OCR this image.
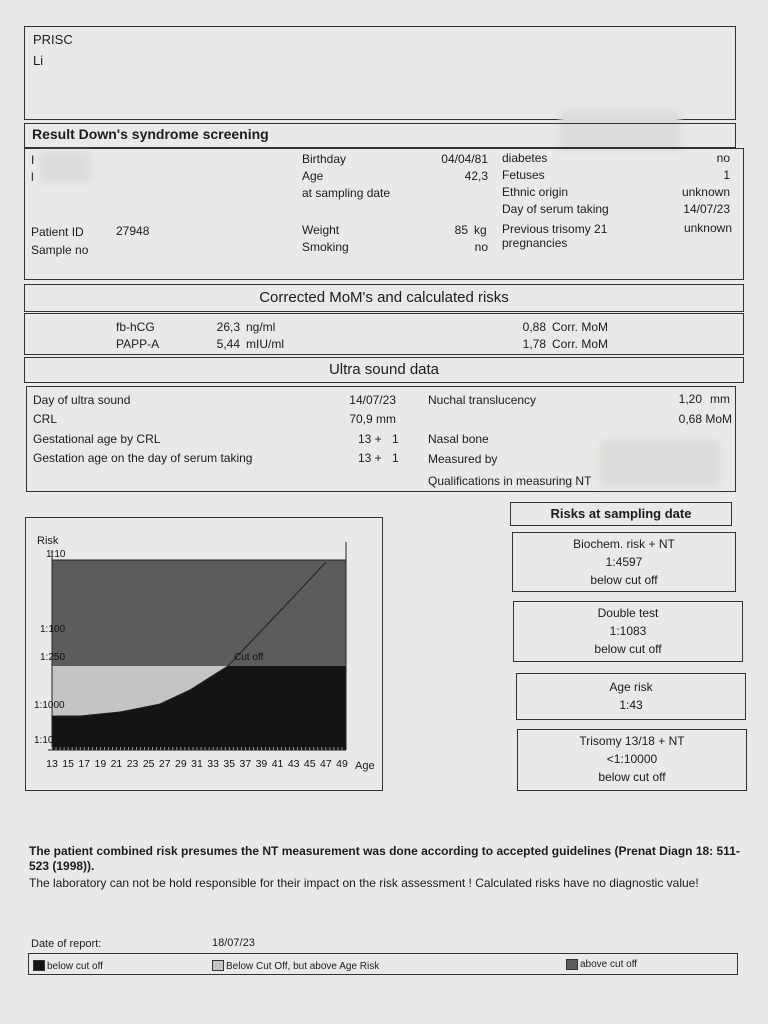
PRISC
Li
Result Down's syndrome screening
I
l
Patient ID	27948
Sample no
Birthday	04/04/81
Age	42,3
at sampling date
Weight	85 kg
Smoking	no
diabetes	no
Fetuses	1
Ethnic origin	unknown
Day of serum taking	14/07/23
Previous trisomy 21
pregnancies
unknown
Corrected MoM's and calculated risks
fb-hCG	26,3 ng/ml	0,88 Corr. MoM
PAPP-A	5,44 mIU/ml	1,78 Corr. MoM
Ultra sound data
Day of ultra sound	14/07/23
CRL	70,9 mm
Gestational age by CRL	13 + 1
Gestation age on the day of serum taking	13 + 1
Nuchal translucency	1,20 mm
0,68 MoM
Nasal bone
Measured by
Qualifications in measuring NT
Risk
Age
13 15 17 19 21 23 25 27 29 31 33 35 37 39 41 43 45 47 49
1:10
1:100
1:250
1:1000
1:10
Cut off
Risks at sampling date
Biochem. risk + NT
1:4597
below cut off
Double test
1:1083
below cut off
Age risk
1:43
Trisomy 13/18 + NT
<1:10000
below cut off
The patient combined risk presumes the NT measurement was done according to accepted guidelines (Prenat Diagn 18: 511-523 (1998)).
The laboratory can not be hold responsible for their impact on the risk assessment ! Calculated risks have no diagnostic value!
Date of report:	18/07/23
below cut off	Below Cut Off, but above Age Risk	above cut off
